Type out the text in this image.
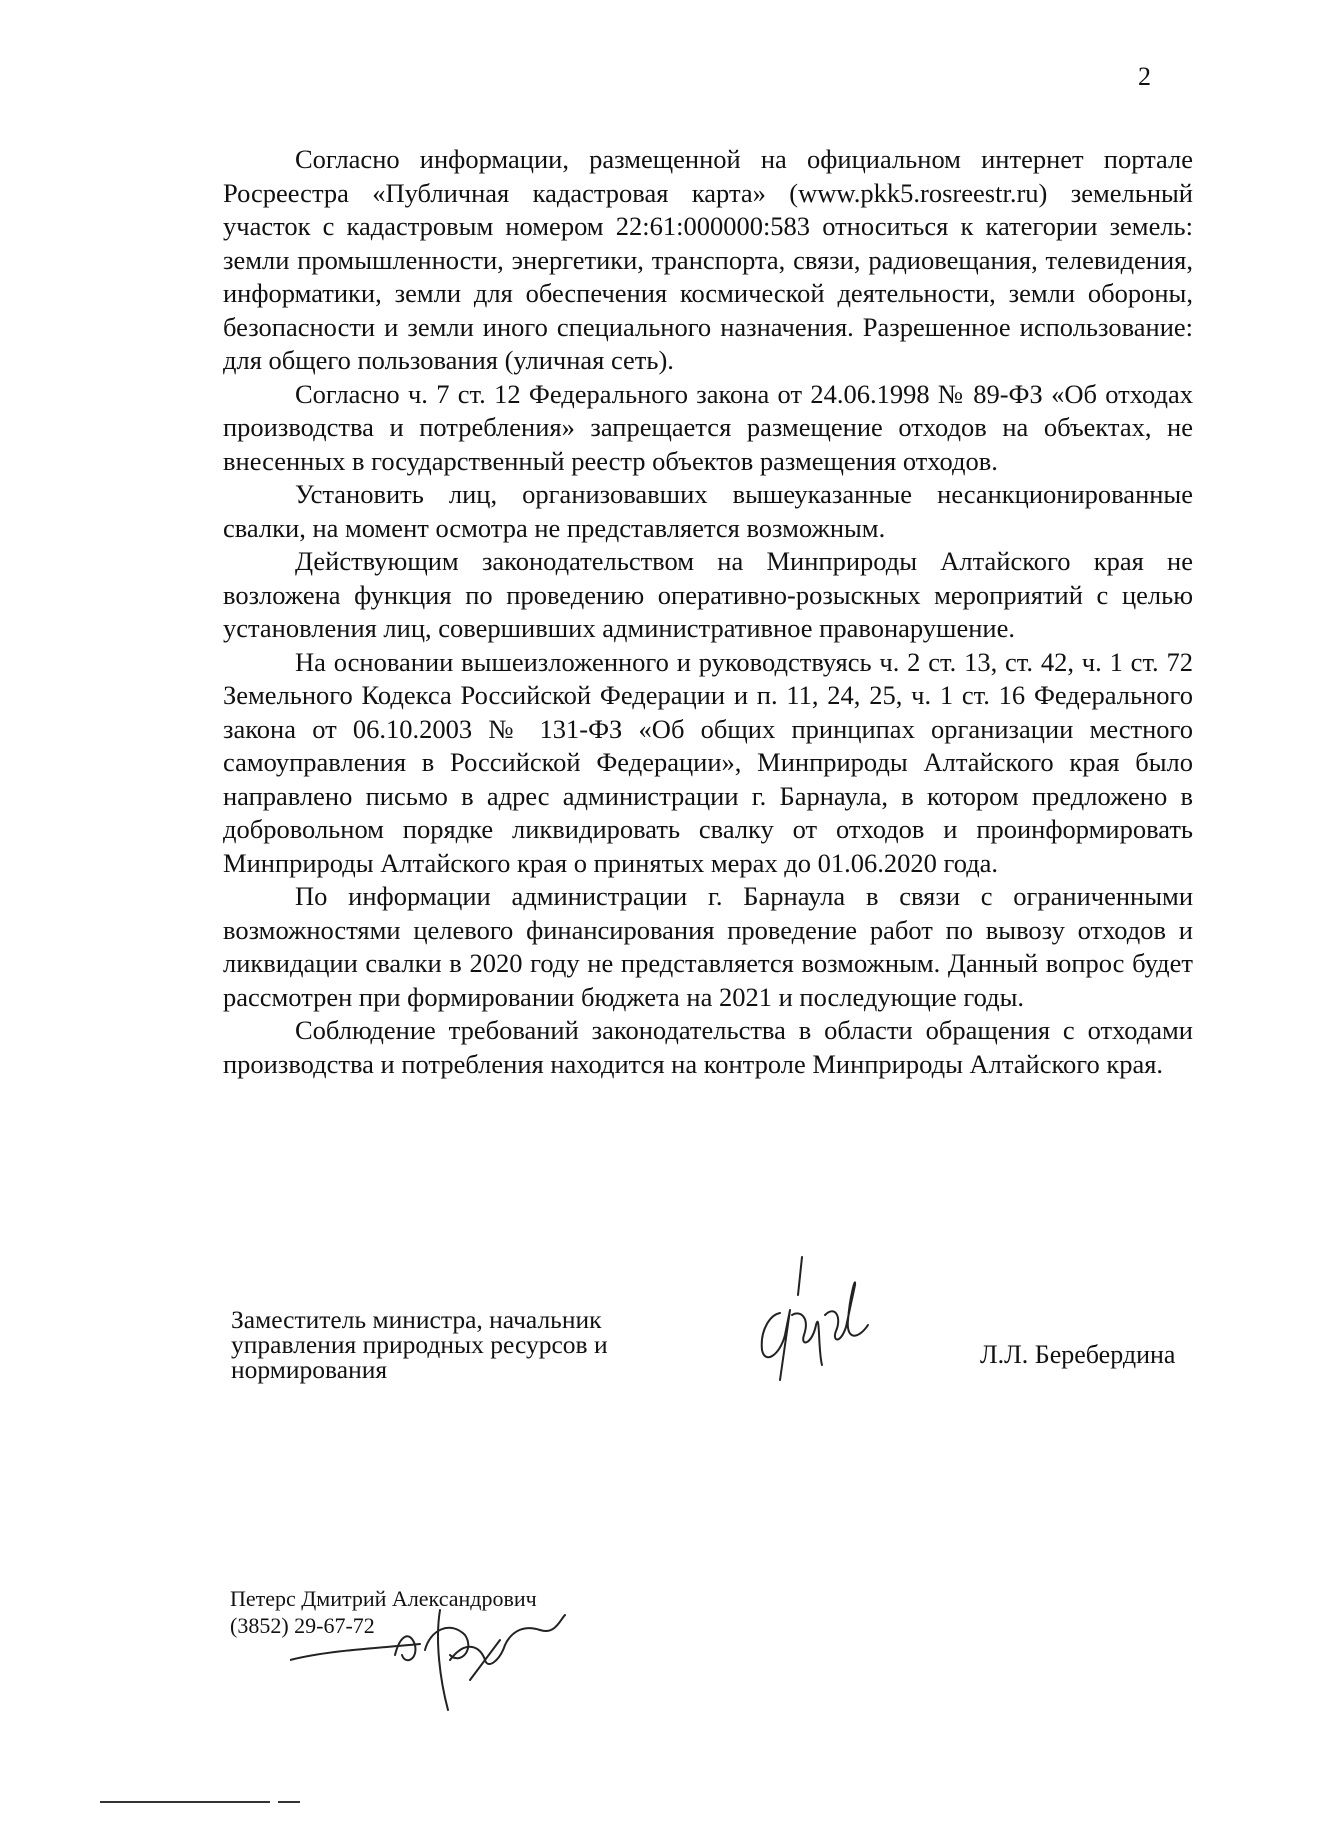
2

Согласно информации, размещенной на официальном интернет портале Росреестра «Публичная кадастровая карта» (www.pkk5.rosreestr.ru) земельный участок с кадастровым номером 22:61:000000:583 относиться к категории земель: земли промышленности, энергетики, транспорта, связи, радиовещания, телевидения, информатики, земли для обеспечения космической деятельности, земли обороны, безопасности и земли иного специального назначения. Разрешенное использование: для общего пользования (уличная сеть).

Согласно ч. 7 ст. 12 Федерального закона от 24.06.1998 № 89-ФЗ «Об отходах производства и потребления» запрещается размещение отходов на объектах, не внесенных в государственный реестр объектов размещения отходов.

Установить лиц, организовавших вышеуказанные несанкционированные свалки, на момент осмотра не представляется возможным.

Действующим законодательством на Минприроды Алтайского края не возложена функция по проведению оперативно-розыскных мероприятий с целью установления лиц, совершивших административное правонарушение.

На основании вышеизложенного и руководствуясь ч. 2 ст. 13, ст. 42, ч. 1 ст. 72 Земельного Кодекса Российской Федерации и п. 11, 24, 25, ч. 1 ст. 16 Федерального закона от 06.10.2003 № 131-ФЗ «Об общих принципах организации местного самоуправления в Российской Федерации», Минприроды Алтайского края было направлено письмо в адрес администрации г. Барнаула, в котором предложено в добровольном порядке ликвидировать свалку от отходов и проинформировать Минприроды Алтайского края о принятых мерах до 01.06.2020 года.

По информации администрации г. Барнаула в связи с ограниченными возможностями целевого финансирования проведение работ по вывозу отходов и ликвидации свалки в 2020 году не представляется возможным. Данный вопрос будет рассмотрен при формировании бюджета на 2021 и последующие годы.

Соблюдение требований законодательства в области обращения с отходами производства и потребления находится на контроле Минприроды Алтайского края.

Заместитель министра, начальник
управления природных ресурсов и
нормирования
Л.Л. Беребердина
Петерс Дмитрий Александрович
(3852) 29-67-72
